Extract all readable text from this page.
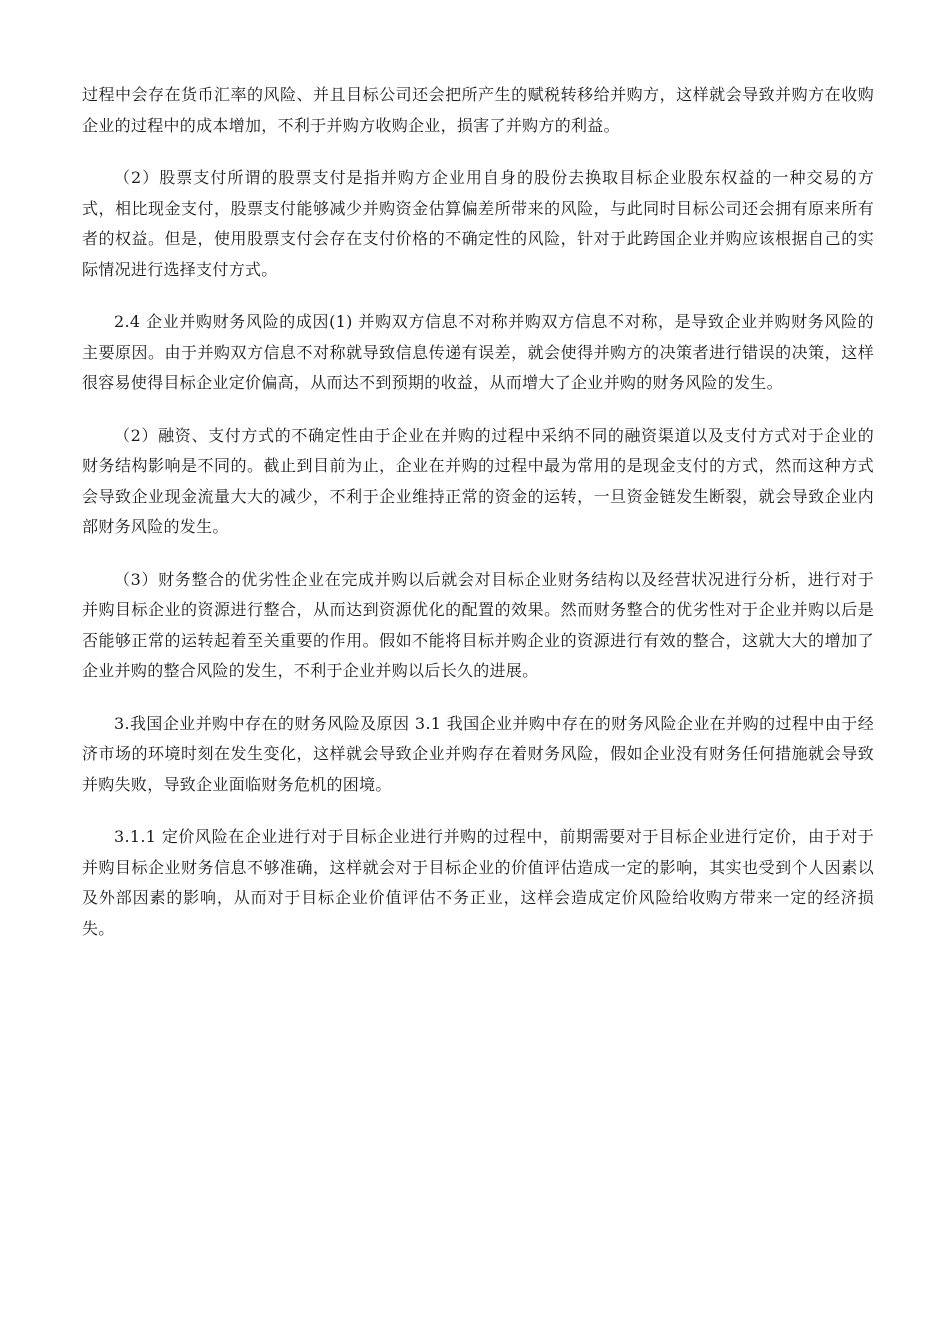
过程中会存在货币汇率的风险、并且目标公司还会把所产生的赋税转移给并购方，这样就会导致并购方在收购企业的过程中的成本增加，不利于并购方收购企业，损害了并购方的利益。

（2）股票支付所谓的股票支付是指并购方企业用自身的股份去换取目标企业股东权益的一种交易的方式，相比现金支付，股票支付能够减少并购资金估算偏差所带来的风险，与此同时目标公司还会拥有原来所有者的权益。但是，使用股票支付会存在支付价格的不确定性的风险，针对于此跨国企业并购应该根据自己的实际情况进行选择支付方式。

2.4 企业并购财务风险的成因(1) 并购双方信息不对称并购双方信息不对称，是导致企业并购财务风险的主要原因。由于并购双方信息不对称就导致信息传递有误差，就会使得并购方的决策者进行错误的决策，这样很容易使得目标企业定价偏高，从而达不到预期的收益，从而增大了企业并购的财务风险的发生。

（2）融资、支付方式的不确定性由于企业在并购的过程中采纳不同的融资渠道以及支付方式对于企业的财务结构影响是不同的。截止到目前为止，企业在并购的过程中最为常用的是现金支付的方式，然而这种方式会导致企业现金流量大大的减少，不利于企业维持正常的资金的运转，一旦资金链发生断裂，就会导致企业内部财务风险的发生。

（3）财务整合的优劣性企业在完成并购以后就会对目标企业财务结构以及经营状况进行分析，进行对于并购目标企业的资源进行整合，从而达到资源优化的配置的效果。然而财务整合的优劣性对于企业并购以后是否能够正常的运转起着至关重要的作用。假如不能将目标并购企业的资源进行有效的整合，这就大大的增加了企业并购的整合风险的发生，不利于企业并购以后长久的进展。

3.我国企业并购中存在的财务风险及原因 3.1 我国企业并购中存在的财务风险企业在并购的过程中由于经济市场的环境时刻在发生变化，这样就会导致企业并购存在着财务风险，假如企业没有财务任何措施就会导致并购失败，导致企业面临财务危机的困境。

3.1.1 定价风险在企业进行对于目标企业进行并购的过程中，前期需要对于目标企业进行定价，由于对于并购目标企业财务信息不够准确，这样就会对于目标企业的价值评估造成一定的影响，其实也受到个人因素以及外部因素的影响，从而对于目标企业价值评估不务正业，这样会造成定价风险给收购方带来一定的经济损失。
